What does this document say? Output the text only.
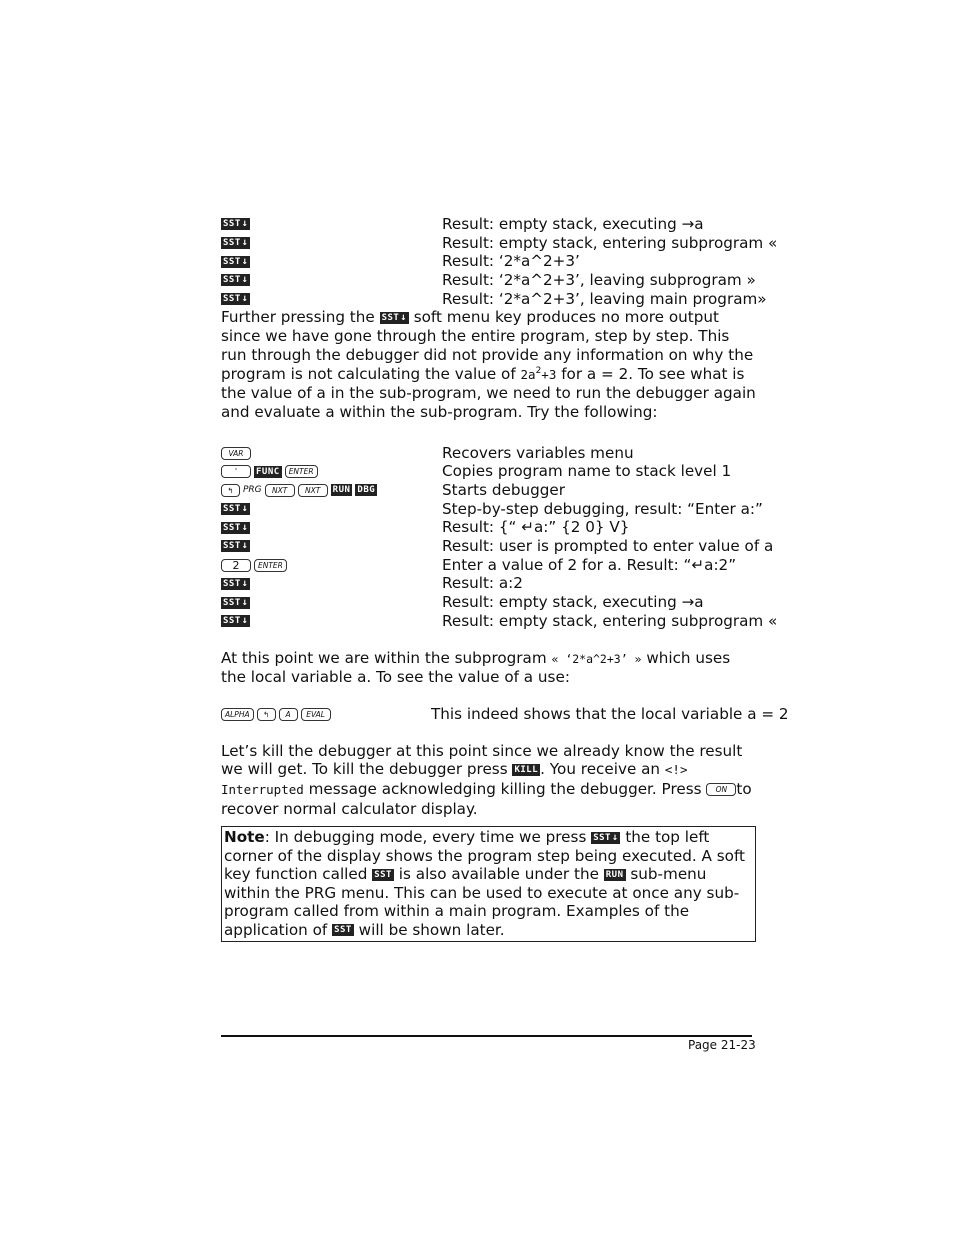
SST ↓	Result: empty stack, executing →a
SST ↓	Result: empty stack, entering subprogram «
SST ↓	Result: ‘2*a^2+3’
SST ↓	Result: ‘2*a^2+3’, leaving subprogram »
SST ↓	Result: ‘2*a^2+3’, leaving main program»

Further pressing the SST ↓ soft menu key produces no more output since we have gone through the entire program, step by step. This run through the debugger did not provide any information on why the program is not calculating the value of $2a^2+3$ for a = 2. To see what is the value of a in the sub-program, we need to run the debugger again and evaluate a within the sub-program. Try the following:

VAR	Recovers variables menu
'	FUNC	ENTER	Copies program name to stack level 1
↰	PRG	NXT	NXT	RUN DBG	Starts debugger
SST ↓	Step-by-step debugging, result: “Enter a:”
SST ↓	Result: {“ ↵a:” {2 0} V}
SST ↓	Result: user is prompted to enter value of a
2	ENTER	Enter a value of 2 for a. Result: “↵a:2”
SST ↓	Result: a:2
SST ↓	Result: empty stack, executing →a
SST ↓	Result: empty stack, entering subprogram «

At this point we are within the subprogram « ‘2*a^2+3’ » which uses the local variable a. To see the value of a use:

ALPHA	↰	A	EVAL	This indeed shows that the local variable a = 2

Let’s kill the debugger at this point since we already know the result we will get. To kill the debugger press KILL . You receive an <!> Interrupted message acknowledging killing the debugger. Press ON to recover normal calculator display.

Note: In debugging mode, every time we press SST ↓ the top left corner of the display shows the program step being executed. A soft key function called SST is also available under the RUN sub-menu within the PRG menu. This can be used to execute at once any sub-program called from within a main program. Examples of the application of SST will be shown later.
Page 21-23
